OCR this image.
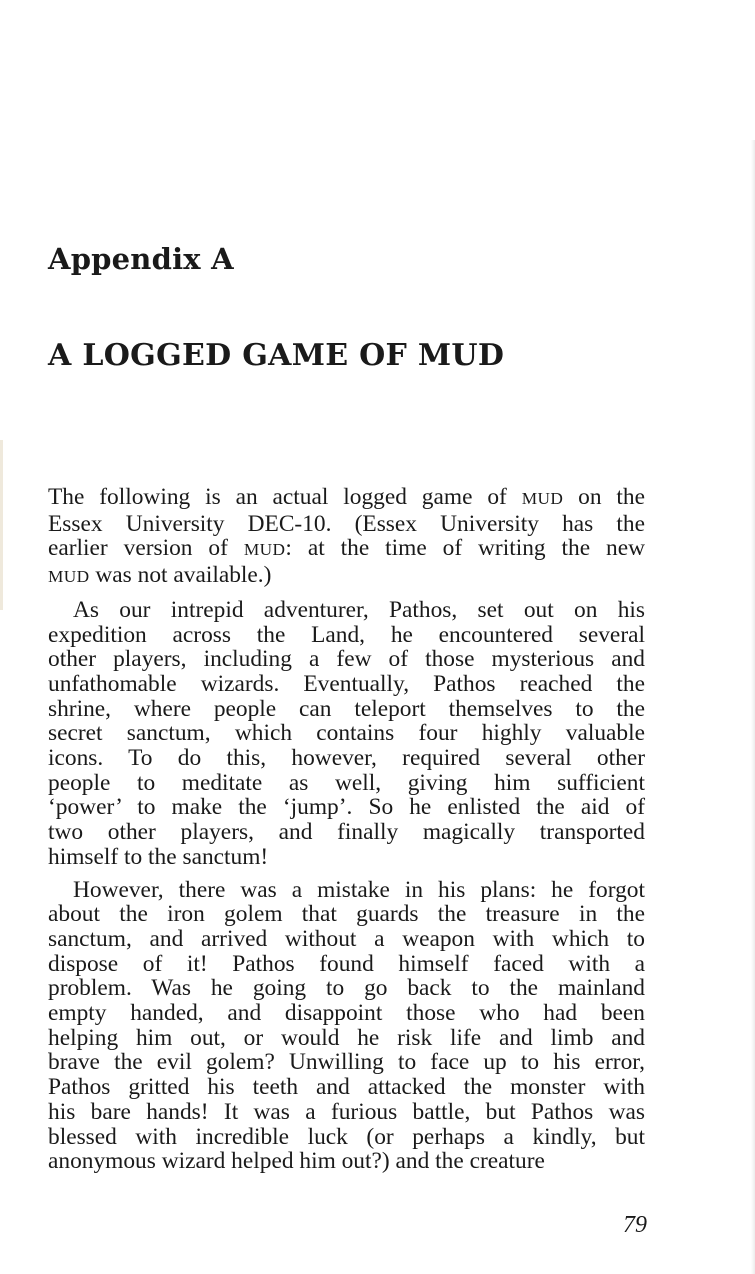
Appendix A
A LOGGED GAME OF MUD

The following is an actual logged game of MUD on the
Essex University DEC-10. (Essex University has the
earlier version of MUD: at the time of writing the new
MUD was not available.)

As our intrepid adventurer, Pathos, set out on his
expedition across the Land, he encountered several
other players, including a few of those mysterious and
unfathomable wizards. Eventually, Pathos reached the
shrine, where people can teleport themselves to the
secret sanctum, which contains four highly valuable
icons. To do this, however, required several other
people to meditate as well, giving him sufficient
‘power’ to make the ‘jump’. So he enlisted the aid of
two other players, and finally magically transported
himself to the sanctum!

However, there was a mistake in his plans: he forgot
about the iron golem that guards the treasure in the
sanctum, and arrived without a weapon with which to
dispose of it! Pathos found himself faced with a
problem. Was he going to go back to the mainland
empty handed, and disappoint those who had been
helping him out, or would he risk life and limb and
brave the evil golem? Unwilling to face up to his error,
Pathos gritted his teeth and attacked the monster with
his bare hands! It was a furious battle, but Pathos was
blessed with incredible luck (or perhaps a kindly, but
anonymous wizard helped him out?) and the creature

79
